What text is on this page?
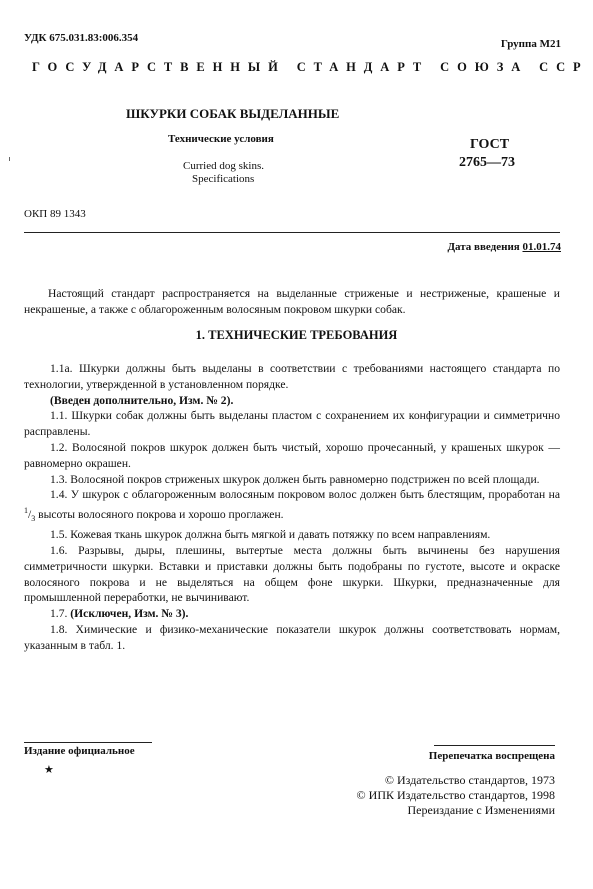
УДК 675.031.83:006.354	Группа М21
ГОСУДАРСТВЕННЫЙ СТАНДАРТ СОЮЗА ССР
ШКУРКИ СОБАК ВЫДЕЛАННЫЕ
Технические условия	ГОСТ
2765—73
Curried dog skins.
Specifications
ОКП 89 1343
Дата введения 01.01.74
Настоящий стандарт распространяется на выделанные стриженые и нестриженые, крашеные и некрашеные, а также с облагороженным волосяным покровом шкурки собак.
1. ТЕХНИЧЕСКИЕ ТРЕБОВАНИЯ

1.1а. Шкурки должны быть выделаны в соответствии с требованиями настоящего стандарта по технологии, утвержденной в установленном порядке.

(Введен дополнительно, Изм. № 2).

1.1. Шкурки собак должны быть выделаны пластом с сохранением их конфигурации и симметрично расправлены.

1.2. Волосяной покров шкурок должен быть чистый, хорошо прочесанный, у крашеных шкурок — равномерно окрашен.

1.3. Волосяной покров стриженых шкурок должен быть равномерно подстрижен по всей площади.

1.4. У шкурок с облагороженным волосяным покровом волос должен быть блестящим, проработан на $^1/_3$ высоты волосяного покрова и хорошо проглажен.

1.5. Кожевая ткань шкурок должна быть мягкой и давать потяжку по всем направлениям.

1.6. Разрывы, дыры, плешины, вытертые места должны быть вычинены без нарушения симметричности шкурки. Вставки и приставки должны быть подобраны по густоте, высоте и окраске волосяного покрова и не выделяться на общем фоне шкурки. Шкурки, предназначенные для промышленной переработки, не вычинивают.

1.7. (Исключен, Изм. № 3).

1.8. Химические и физико-механические показатели шкурок должны соответствовать нормам, указанным в табл. 1.

Издание официальное	Перепечатка воспрещена
★
© Издательство стандартов, 1973
© ИПК Издательство стандартов, 1998
Переиздание с Изменениями
